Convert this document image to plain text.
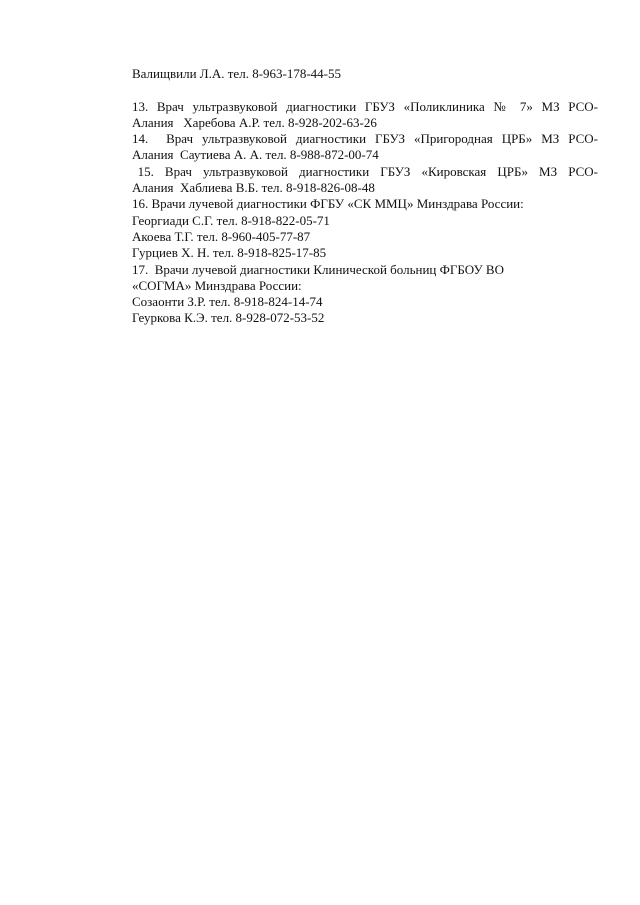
Валищвили Л.А. тел. 8-963-178-44-55
13. Врач ультразвуковой диагностики ГБУЗ «Поликлиника № 7» МЗ РСО-
Алания   Харебова А.Р. тел. 8-928-202-63-26
14.  Врач ультразвуковой диагностики ГБУЗ «Пригородная ЦРБ» МЗ РСО-
Алания  Саутиева А. А. тел. 8-988-872-00-74
15.  Врач  ультразвуковой  диагностики  ГБУЗ  «Кировская  ЦРБ»  МЗ  РСО-
Алания  Хаблиева В.Б. тел. 8-918-826-08-48
16. Врачи лучевой диагностики ФГБУ «СК ММЦ» Минздрава России:
Георгиади С.Г. тел. 8-918-822-05-71
Акоева Т.Г. тел. 8-960-405-77-87
Гурциев Х. Н. тел. 8-918-825-17-85
17.  Врачи лучевой диагностики Клинической больниц ФГБОУ ВО
«СОГМА» Минздрава России:
Созаонти З.Р. тел. 8-918-824-14-74
Геуркова К.Э. тел. 8-928-072-53-52
